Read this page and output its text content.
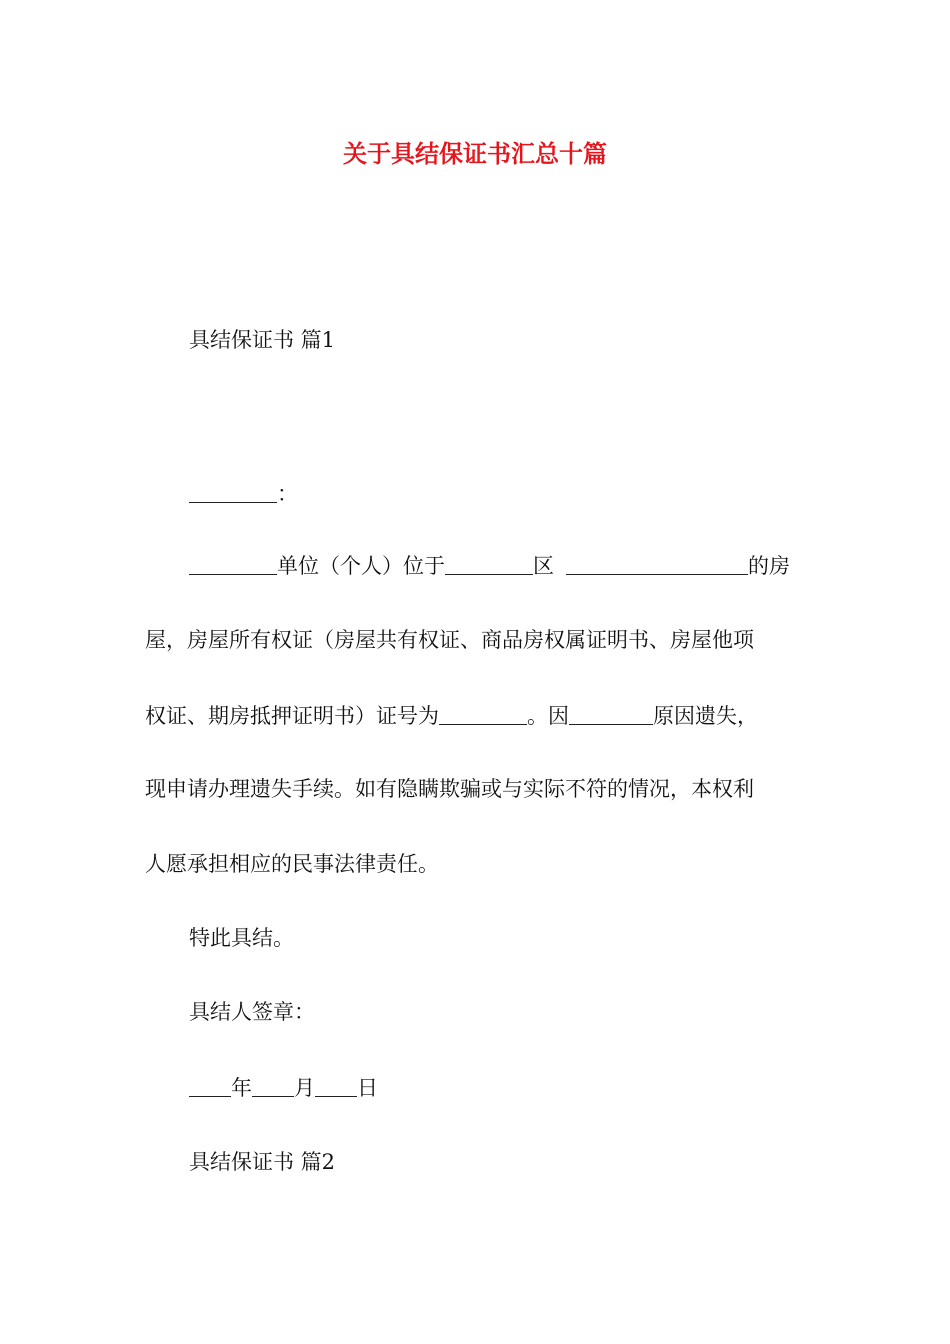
关于具结保证书汇总十篇
具结保证书 篇1
：
单位（个人）位于	区	的房
屋，房屋所有权证（房屋共有权证、商品房权属证明书、房屋他项
权证、期房抵押证明书）证号为	。因	原因遗失，
现申请办理遗失手续。如有隐瞒欺骗或与实际不符的情况，本权利
人愿承担相应的民事法律责任。
特此具结。
具结人签章：
年 月 日
具结保证书 篇2
